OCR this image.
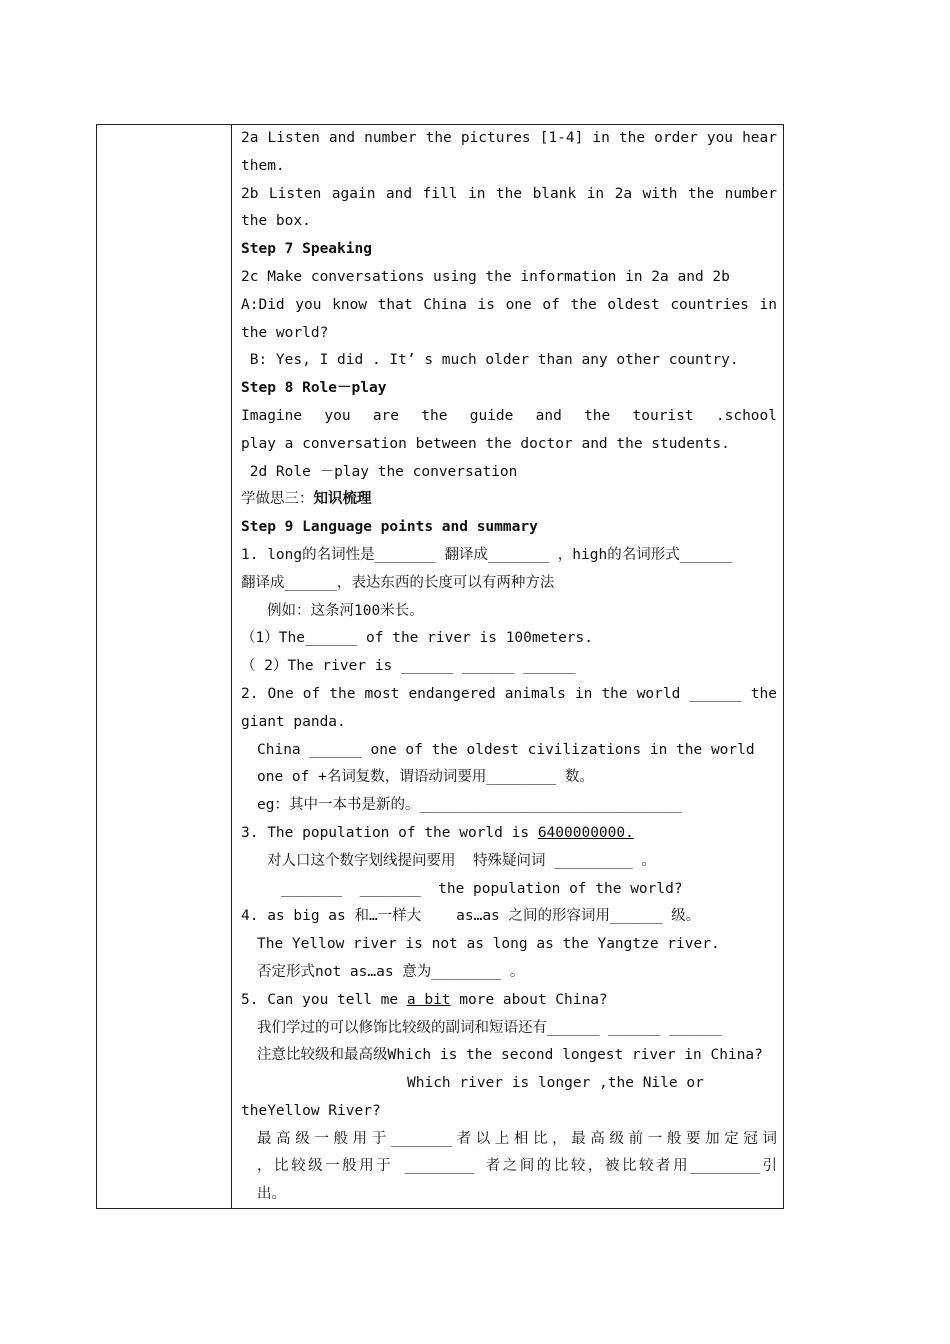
2a Listen and number the pictures [1-4] in the order you hear
them.
2b Listen again and fill in the blank in 2a with the number
the box.
Step 7 Speaking
2c Make conversations using the information in 2a and 2b
A:Did you know that China is one of the oldest countries in
the world?
B: Yes, I did . It’ s much older than any other country.
Step 8 Role－play
Imagine you are the guide and the tourist .school
play a conversation between the doctor and the students.
2d Role －play the conversation
学做思三：知识梳理
Step 9 Language points and summary
1. long的名词性是_______ 翻译成_______ ，high的名词形式______
翻译成______，表达东西的长度可以有两种方法
例如：这条河100米长。
（1）The______ of the river is 100meters.
（ 2）The river is ______ ______ ______
2. One of the most endangered animals in the world ______ the
giant panda.
China ______ one of the oldest civilizations in the world
one of +名词复数，谓语动词要用________ 数。
eg：其中一本书是新的。______________________________
3. The population of the world is 6400000000.
对人口这个数字划线提问要用  特殊疑问词 _________ 。
_______  _______  the population of the world?
4. as big as 和…一样大    as…as 之间的形容词用______ 级。
The Yellow river is not as long as the Yangtze river.
否定形式not as…as 意为________ 。
5. Can you tell me a bit more about China?
我们学过的可以修饰比较级的副词和短语还有______ ______ ______
注意比较级和最高级Which is the second longest river in China?
Which river is longer ,the Nile or
theYellow River?
最高级一般用于_______者以上相比，最高级前一般要加定冠词
，比较级一般用于 ________ 者之间的比较，被比较者用________引
出。
